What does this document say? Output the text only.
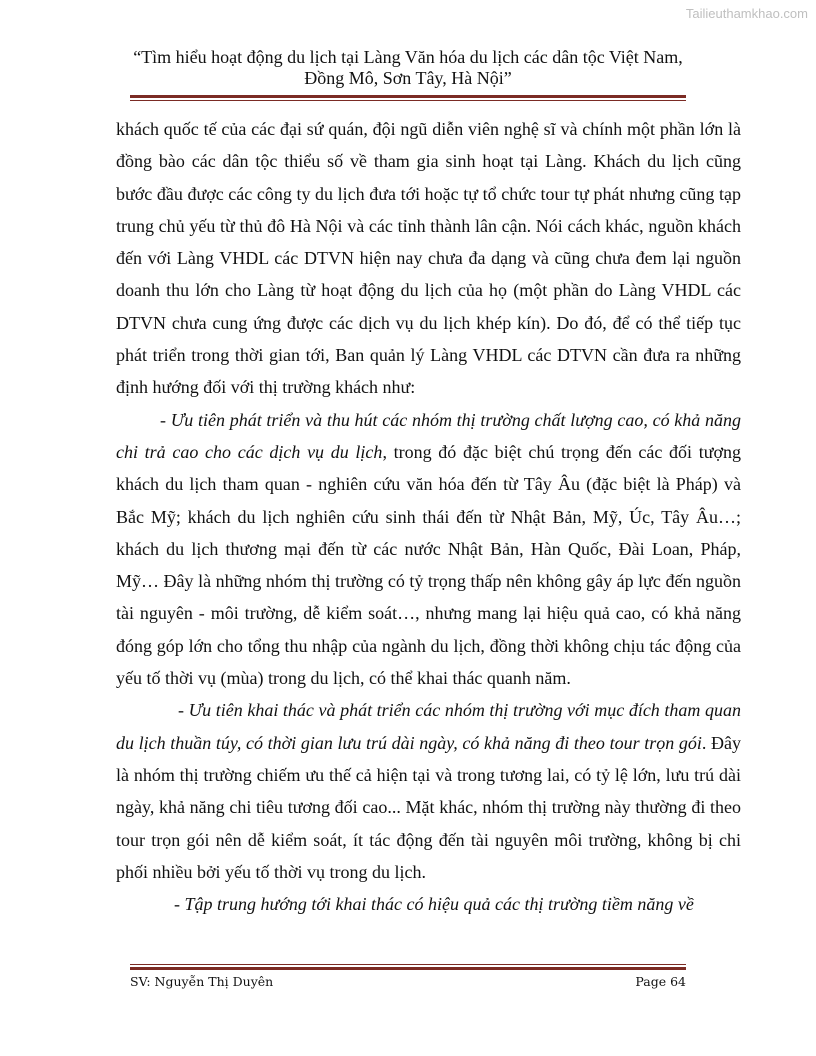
Tailieuthamkhao.com
“Tìm hiểu hoạt động du lịch tại Làng Văn hóa du lịch các dân tộc Việt Nam,
Đồng Mô, Sơn Tây, Hà Nội”

khách quốc tế của các đại sứ quán, đội ngũ diễn viên nghệ sĩ và chính một phần lớn là đồng bào các dân tộc thiểu số về tham gia sinh hoạt tại Làng. Khách du lịch cũng bước đầu được các công ty du lịch đưa tới hoặc tự tổ chức tour tự phát nhưng cũng tạp trung chủ yếu từ thủ đô Hà Nội và các tỉnh thành lân cận. Nói cách khác, nguồn khách đến với Làng VHDL các DTVN hiện nay chưa đa dạng và cũng chưa đem lại nguồn doanh thu lớn cho Làng từ hoạt động du lịch của họ (một phần do Làng VHDL các DTVN chưa cung ứng được các dịch vụ du lịch khép kín). Do đó, để có thể tiếp tục phát triển trong thời gian tới, Ban quản lý Làng VHDL các DTVN cần đưa ra những định hướng đối với thị trường khách như:

- Ưu tiên phát triển và thu hút các nhóm thị trường chất lượng cao, có khả năng chi trả cao cho các dịch vụ du lịch, trong đó đặc biệt chú trọng đến các đối tượng khách du lịch tham quan - nghiên cứu văn hóa đến từ Tây Âu (đặc biệt là Pháp) và Bắc Mỹ; khách du lịch nghiên cứu sinh thái đến từ Nhật Bản, Mỹ, Úc, Tây Âu…; khách du lịch thương mại đến từ các nước Nhật Bản, Hàn Quốc, Đài Loan, Pháp, Mỹ… Đây là những nhóm thị trường có tỷ trọng thấp nên không gây áp lực đến nguồn tài nguyên - môi trường, dễ kiểm soát…, nhưng mang lại hiệu quả cao, có khả năng đóng góp lớn cho tổng thu nhập của ngành du lịch, đồng thời không chịu tác động của yếu tố thời vụ (mùa) trong du lịch, có thể khai thác quanh năm.

- Ưu tiên khai thác và phát triển các nhóm thị trường với mục đích tham quan du lịch thuần túy, có thời gian lưu trú dài ngày, có khả năng đi theo tour trọn gói. Đây là nhóm thị trường chiếm ưu thế cả hiện tại và trong tương lai, có tỷ lệ lớn, lưu trú dài ngày, khả năng chi tiêu tương đối cao... Mặt khác, nhóm thị trường này thường đi theo tour trọn gói nên dễ kiểm soát, ít tác động đến tài nguyên môi trường, không bị chi phối nhiều bởi yếu tố thời vụ trong du lịch.

- Tập trung hướng tới khai thác có hiệu quả các thị trường tiềm năng về

SV: Nguyễn Thị Duyên	Page 64
